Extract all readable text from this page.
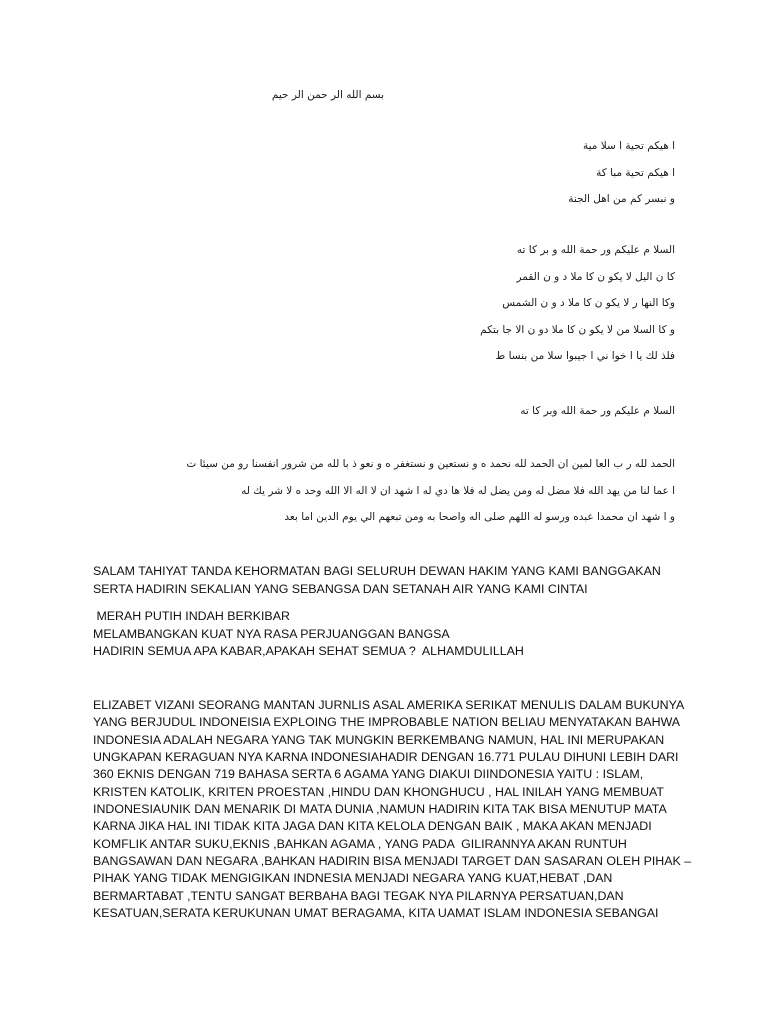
بسم الله الر حمن الر حيم
ا هيكم تحية ا سلا مية
ا هيكم تحية مبا كة
و نبسر كم من اهل الجنة
السلا م عليكم ور حمة الله و بر كا ته
كا ن اليل لا يكو ن كا ملا د و ن القمر
وكا النها ر لا يكو ن كا ملا د و ن الشمس
و كا السلا من لا يكو ن كا ملا دو ن الا جا بتكم
فلذ لك يا ا خوا ني ا جيبوا سلا من بنسا ط
السلا م عليكم ور حمة الله وبر كا ته
الحمد لله ر ب العا لمين ان الحمد لله نحمد ه و نستعين و نستغفر ه و نعو ذ با لله من شرور انفسنا رو من سيئا ت
ا عما لنا من يهد الله فلا مضل له ومن يضل له فلا ها دي له ا شهد ان لا اله الا الله وحد ه لا شر يك له
و ا شهد ان محمدا عبده ورسو له اللهم صلى اله واصحا به ومن تبعهم الي يوم الدين اما بعد
SALAM TAHIYAT TANDA KEHORMATAN BAGI SELURUH DEWAN HAKIM YANG KAMI BANGGAKAN
SERTA HADIRIN SEKALIAN YANG SEBANGSA DAN SETANAH AIR YANG KAMI CINTAI
MERAH PUTIH INDAH BERKIBAR
MELAMBANGKAN KUAT NYA RASA PERJUANGGAN BANGSA
HADIRIN SEMUA APA KABAR,APAKAH SEHAT SEMUA ?  ALHAMDULILLAH
ELIZABET VIZANI SEORANG MANTAN JURNLIS ASAL AMERIKA SERIKAT MENULIS DALAM BUKUNYA
YANG BERJUDUL INDONEISIA EXPLOING THE IMPROBABLE NATION BELIAU MENYATAKAN BAHWA
INDONESIA ADALAH NEGARA YANG TAK MUNGKIN BERKEMBANG NAMUN, HAL INI MERUPAKAN
UNGKAPAN KERAGUAN NYA KARNA INDONESIAHADIR DENGAN 16.771 PULAU DIHUNI LEBIH DARI
360 EKNIS DENGAN 719 BAHASA SERTA 6 AGAMA YANG DIAKUI DIINDONESIA YAITU : ISLAM,
KRISTEN KATOLIK, KRITEN PROESTAN ,HINDU DAN KHONGHUCU , HAL INILAH YANG MEMBUAT
INDONESIAUNIK DAN MENARIK DI MATA DUNIA ,NAMUN HADIRIN KITA TAK BISA MENUTUP MATA
KARNA JIKA HAL INI TIDAK KITA JAGA DAN KITA KELOLA DENGAN BAIK , MAKA AKAN MENJADI
KOMFLIK ANTAR SUKU,EKNIS ,BAHKAN AGAMA , YANG PADA  GILIRANNYA AKAN RUNTUH
BANGSAWAN DAN NEGARA ,BAHKAN HADIRIN BISA MENJADI TARGET DAN SASARAN OLEH PIHAK –
PIHAK YANG TIDAK MENGIGIKAN INDNESIA MENJADI NEGARA YANG KUAT,HEBAT ,DAN
BERMARTABAT ,TENTU SANGAT BERBAHA BAGI TEGAK NYA PILARNYA PERSATUAN,DAN
KESATUAN,SERATA KERUKUNAN UMAT BERAGAMA, KITA UAMAT ISLAM INDONESIA SEBANGAI
